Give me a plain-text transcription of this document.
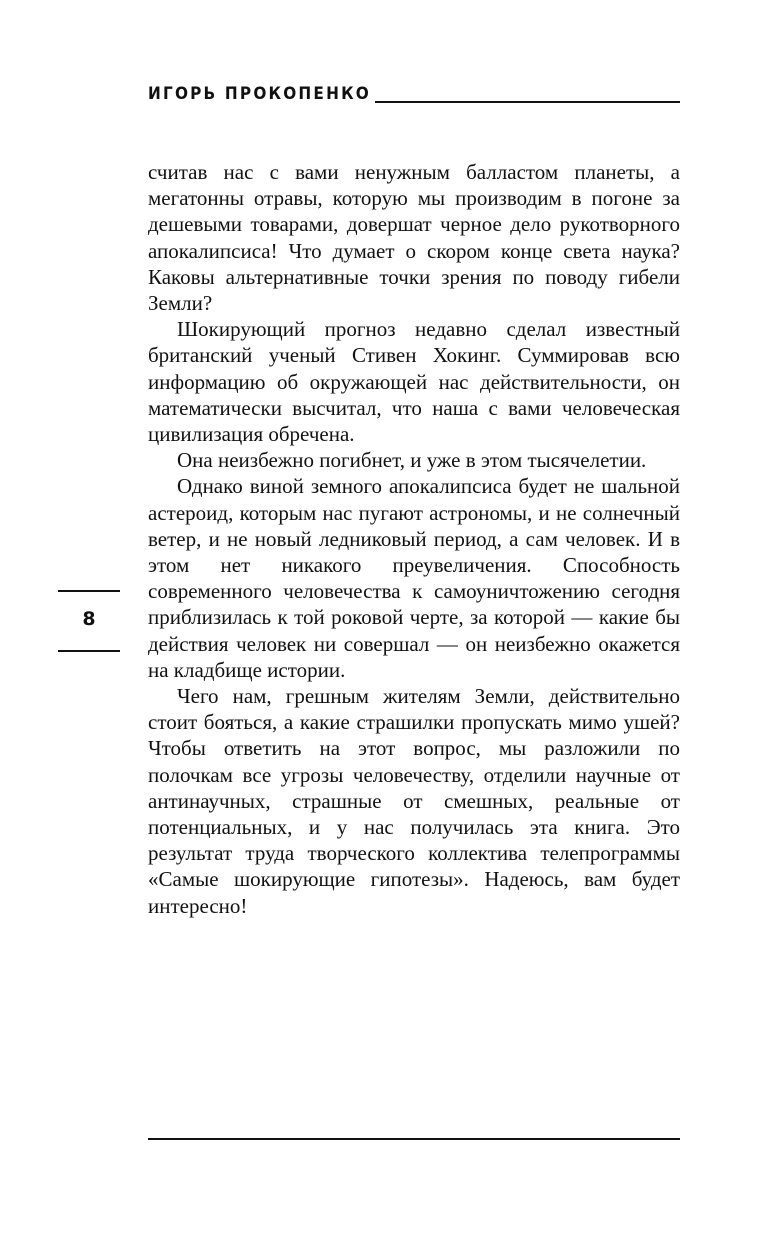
ИГОРЬ ПРОКОПЕНКО

считав нас с вами ненужным балластом планеты, а мегатонны отравы, которую мы производим в погоне за дешевыми товарами, довершат черное дело рукотворного апокалипсиса! Что думает о скором конце света наука? Каковы альтернативные точки зрения по поводу гибели Земли?

Шокирующий прогноз недавно сделал известный британский ученый Стивен Хокинг. Суммировав всю информацию об окружающей нас действительности, он математически высчитал, что наша с вами человеческая цивилизация обречена.

Она неизбежно погибнет, и уже в этом тысячелетии.

Однако виной земного апокалипсиса будет не шальной астероид, которым нас пугают астрономы, и не солнечный ветер, и не новый ледниковый период, а сам человек. И в этом нет никакого преувеличения. Способность современного человечества к самоуничтожению сегодня приблизилась к той роковой черте, за которой — какие бы действия человек ни совершал — он неизбежно окажется на кладбище истории.

Чего нам, грешным жителям Земли, действительно стоит бояться, а какие страшилки пропускать мимо ушей? Чтобы ответить на этот вопрос, мы разложили по полочкам все угрозы человечеству, отделили научные от антинаучных, страшные от смешных, реальные от потенциальных, и у нас получилась эта книга. Это результат труда творческого коллектива телепрограммы «Самые шокирующие гипотезы». Надеюсь, вам будет интересно!

8
